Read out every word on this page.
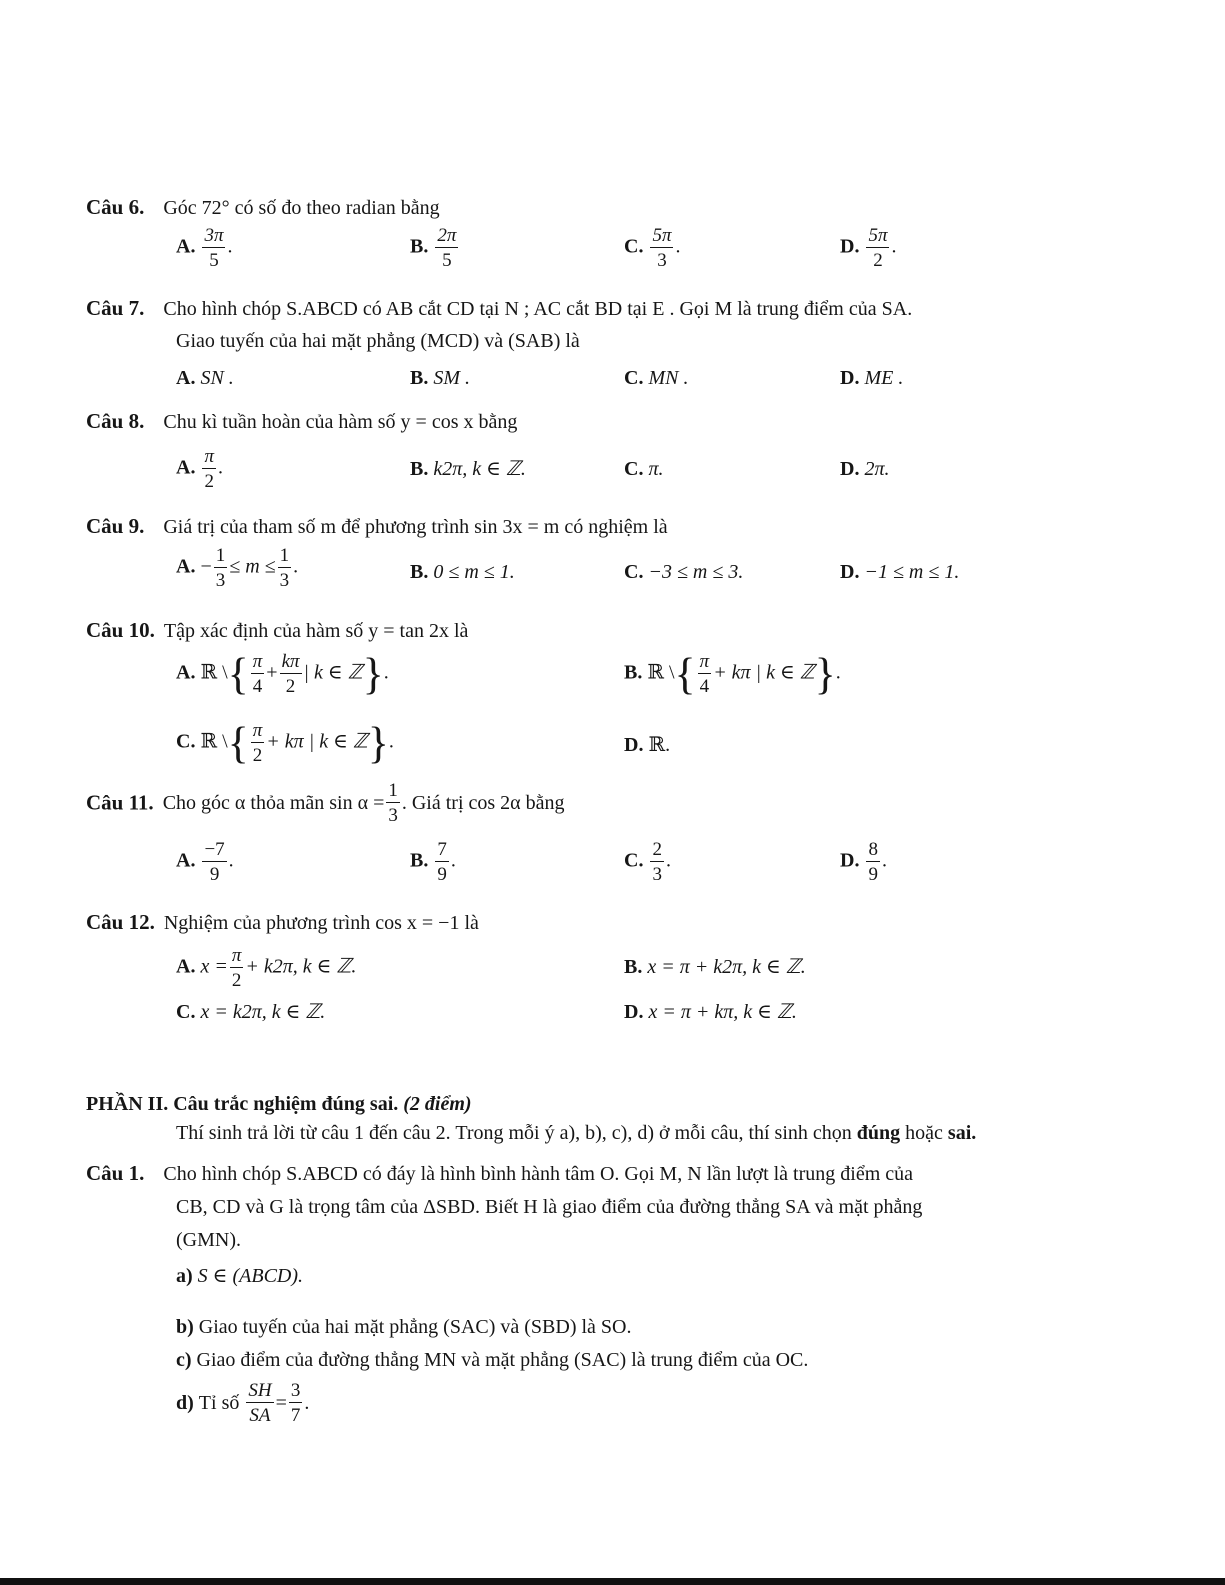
Câu 6. Góc 72° có số đo theo radian bằng
A. $\frac{3\pi}{5}$ .	B. $\frac{2\pi}{5}$	C. $\frac{5\pi}{3}$ .	D. $\frac{5\pi}{2}$ .
Câu 7. Cho hình chóp S.ABCD có AB cắt CD tại N ; AC cắt BD tại E . Gọi M là trung điểm của SA.
Giao tuyến của hai mặt phẳng (MCD) và (SAB) là
A. SN .	B. SM .	C. MN .	D. ME .
Câu 8. Chu kì tuần hoàn của hàm số y = cos x bằng
A. $\frac{\pi}{2}$ .	B. k2π, k ∈ ℤ.	C. π.	D. 2π.
Câu 9. Giá trị của tham số m để phương trình sin 3x = m có nghiệm là
A. − $\frac{1}{3} \le m \le \frac{1}{3}$ .	B. 0 ≤ m ≤ 1.	C. −3 ≤ m ≤ 3.	D. −1 ≤ m ≤ 1.
Câu 10. Tập xác định của hàm số y = tan 2x là
A. ℝ \{ $\frac{\pi}{4} + \frac{k\pi}{2}$ | k ∈ ℤ}.	B. ℝ \{ $\frac{\pi}{4} + k\pi$ | k ∈ ℤ}.
C. ℝ \{ $\frac{\pi}{2} + k\pi$ | k ∈ ℤ}.	D. ℝ.
Câu 11. Cho góc α thỏa mãn $\sin \alpha = \frac{1}{3}$ . Giá trị cos 2α bằng
A. $\frac{-7}{9}$ .	B. $\frac{7}{9}$ .	C. $\frac{2}{3}$ .	D. $\frac{8}{9}$ .
Câu 12. Nghiệm của phương trình cos x = −1 là
A. $x = \frac{\pi}{2} + k2\pi$, k ∈ ℤ.	B. x = π + k2π, k ∈ ℤ.
C. x = k2π, k ∈ ℤ.	D. x = π + kπ, k ∈ ℤ.
PHẦN II. Câu trắc nghiệm đúng sai. (2 điểm)
Thí sinh trả lời từ câu 1 đến câu 2. Trong mỗi ý a), b), c), d) ở mỗi câu, thí sinh chọn đúng hoặc sai.
Câu 1. Cho hình chóp S.ABCD có đáy là hình bình hành tâm O. Gọi M, N lần lượt là trung điểm của
CB, CD và G là trọng tâm của ΔSBD. Biết H là giao điểm của đường thẳng SA và mặt phẳng
(GMN).
a) S ∈ (ABCD).
b) Giao tuyến của hai mặt phẳng (SAC) và (SBD) là SO.
c) Giao điểm của đường thẳng MN và mặt phẳng (SAC) là trung điểm của OC.
d) Tỉ số $\frac{SH}{SA} = \frac{3}{7}$ .
